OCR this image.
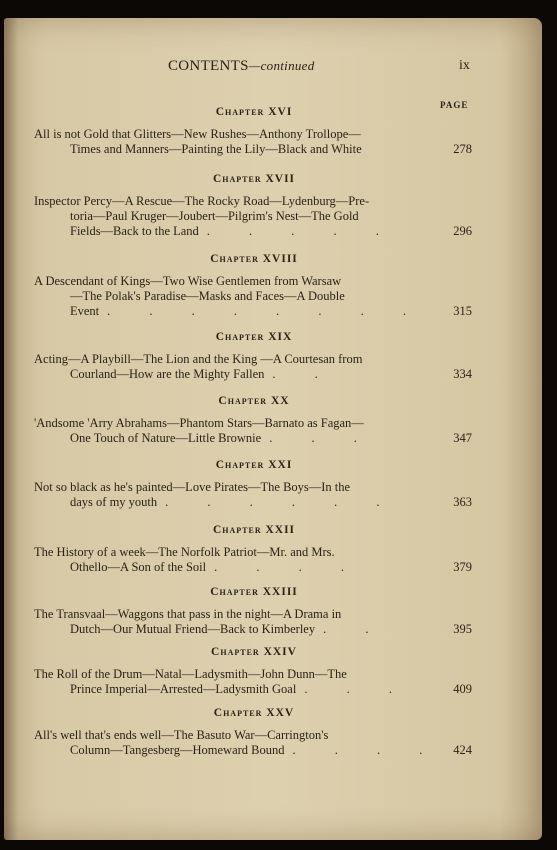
CONTENTS—continued	ix
PAGE
Chapter XVI
All is not Gold that Glitters—New Rushes—Anthony Trollope—
Times and Manners—Painting the Lily—Black and White	278
Chapter XVII
Inspector Percy—A Rescue—The Rocky Road—Lydenburg—Pre-
toria—Paul Kruger—Joubert—Pilgrim's Nest—The Gold
Fields—Back to the Land . . . . .	296
Chapter XVIII
A Descendant of Kings—Two Wise Gentlemen from Warsaw
—The Polak's Paradise—Masks and Faces—A Double
Event . . . . . . . . 315
Chapter XIX
Acting—A Playbill—The Lion and the King —A Courtesan from
Courland—How are the Mighty Fallen . .	334
Chapter XX
'Andsome 'Arry Abrahams—Phantom Stars—Barnato as Fagan—
One Touch of Nature—Little Brownie . . .	347
Chapter XXI
Not so black as he's painted—Love Pirates—The Boys—In the
days of my youth . . . . . .	363
Chapter XXII
The History of a week—The Norfolk Patriot—Mr. and Mrs.
Othello—A Son of the Soil . . . .	379
Chapter XXIII
The Transvaal—Waggons that pass in the night—A Drama in
Dutch—Our Mutual Friend—Back to Kimberley . .	395
Chapter XXIV
The Roll of the Drum—Natal—Ladysmith—John Dunn—The
Prince Imperial—Arrested—Ladysmith Goal . . .	409
Chapter XXV
All's well that's ends well—The Basuto War—Carrington's
Column—Tangesberg—Homeward Bound . . . . 424
